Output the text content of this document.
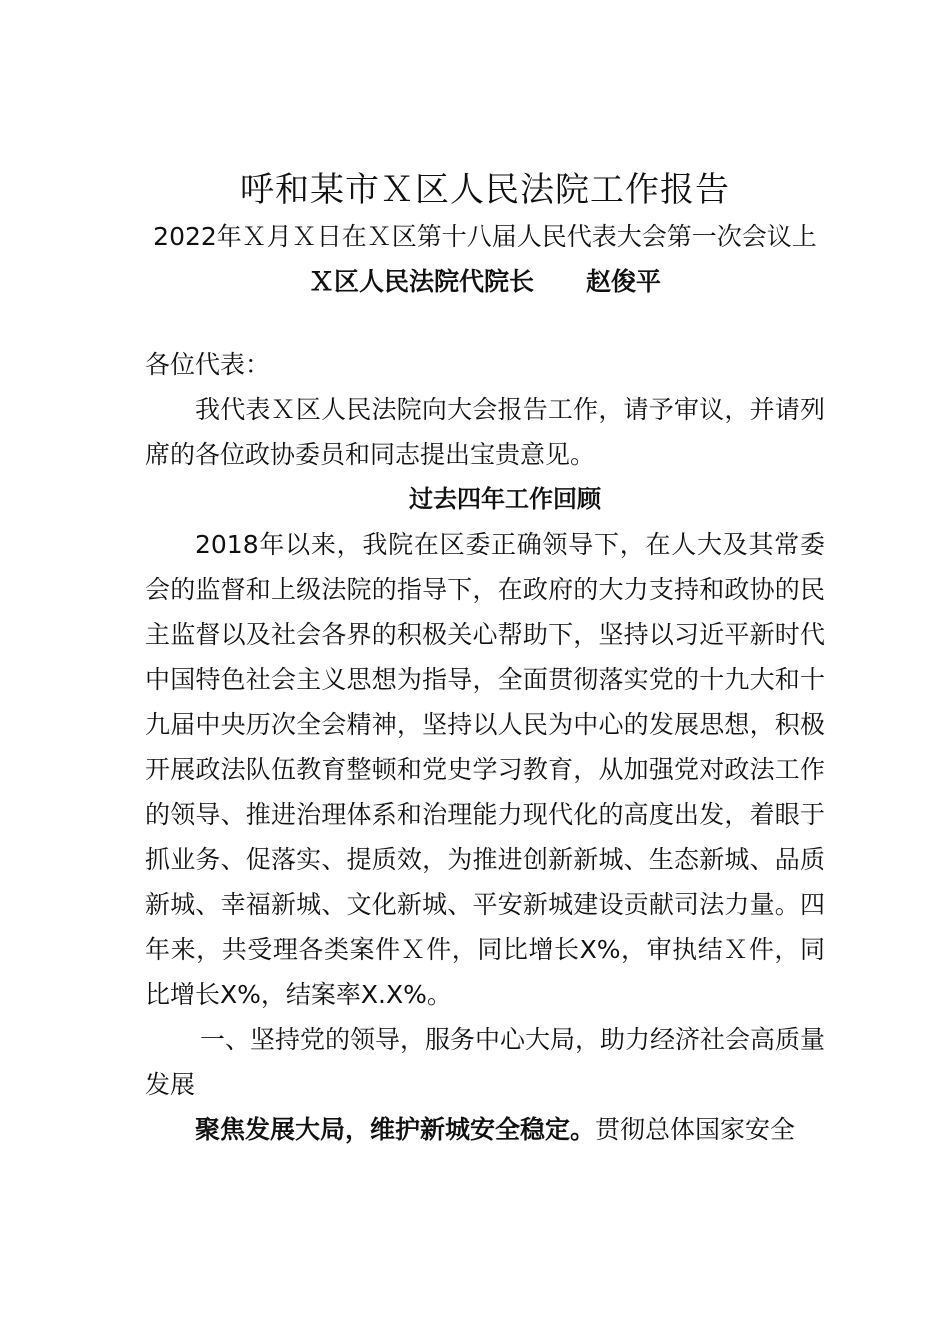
呼和某市Ｘ区人民法院工作报告

2022年Ｘ月Ｘ日在Ｘ区第十八届人民代表大会第一次会议上

Ｘ区人民法院代院长 赵俊平

各位代表：

我代表Ｘ区人民法院向大会报告工作，请予审议，并请列席的各位政协委员和同志提出宝贵意见。

过去四年工作回顾

2018年以来，我院在区委正确领导下，在人大及其常委会的监督和上级法院的指导下，在政府的大力支持和政协的民主监督以及社会各界的积极关心帮助下，坚持以习近平新时代中国特色社会主义思想为指导，全面贯彻落实党的十九大和十九届中央历次全会精神，坚持以人民为中心的发展思想，积极开展政法队伍教育整顿和党史学习教育，从加强党对政法工作的领导、推进治理体系和治理能力现代化的高度出发，着眼于抓业务、促落实、提质效，为推进创新新城、生态新城、品质新城、幸福新城、文化新城、平安新城建设贡献司法力量。四年来，共受理各类案件Ｘ件，同比增长X%，审执结Ｘ件，同比增长X%，结案率X.X%。

一、坚持党的领导，服务中心大局，助力经济社会高质量发展

聚焦发展大局，维护新城安全稳定。贯彻总体国家安全
